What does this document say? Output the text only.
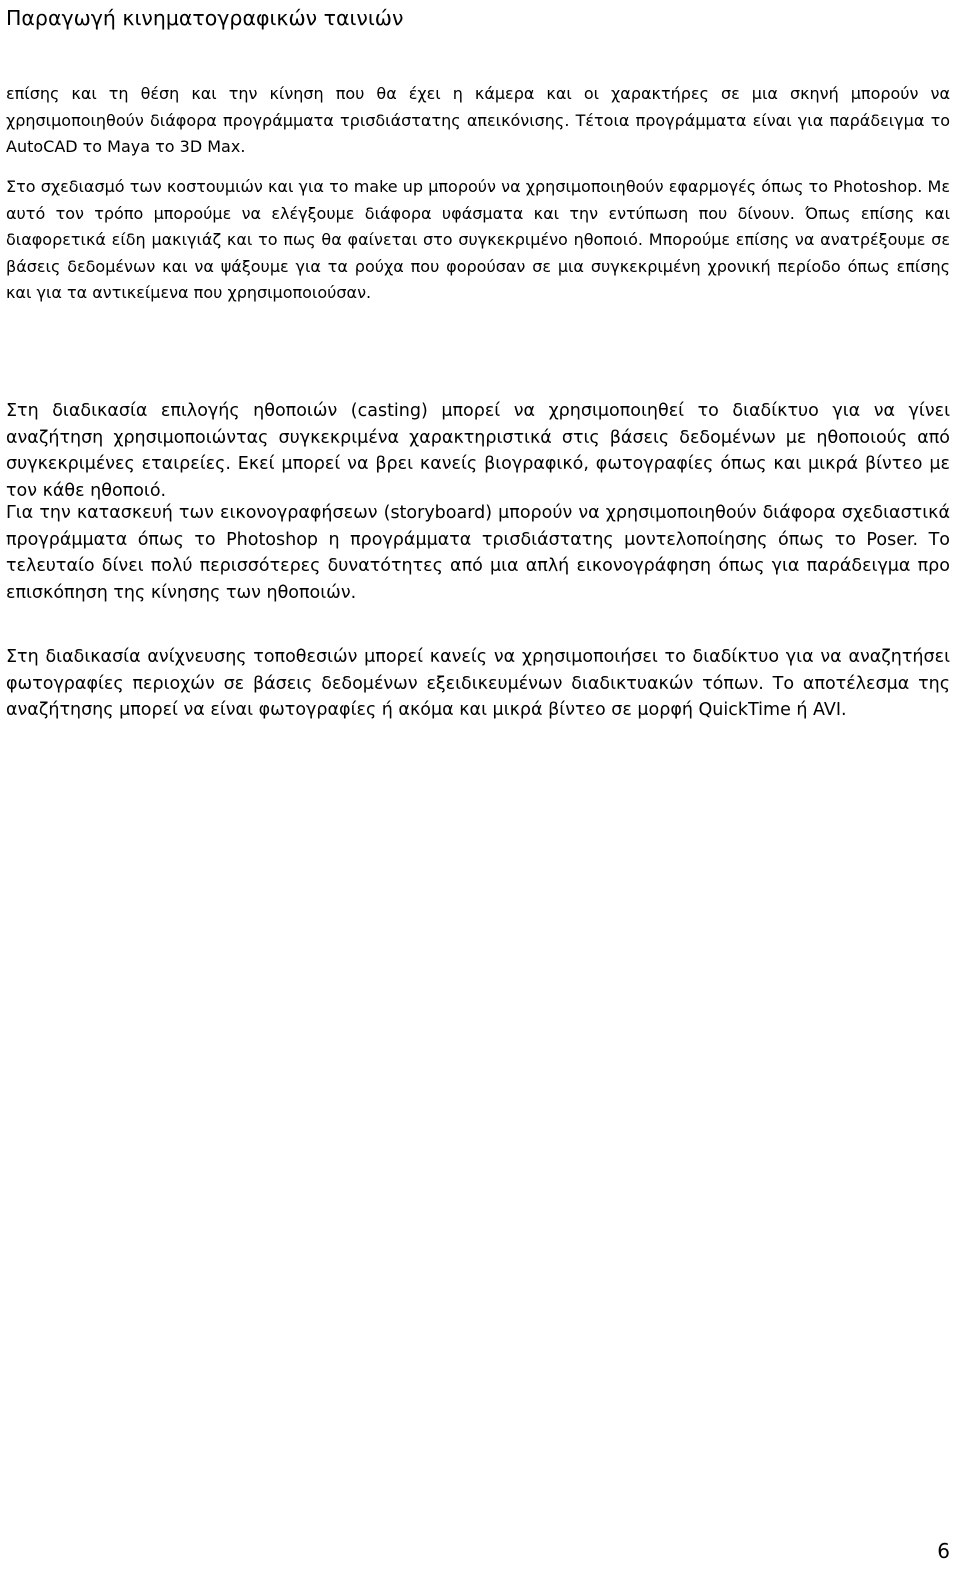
Παραγωγή κινηματογραφικών ταινιών

επίσης και τη θέση και την κίνηση που θα έχει η κάμερα και οι χαρακτήρες σε μια σκηνή μπορούν να χρησιμοποιηθούν διάφορα προγράμματα τρισδιάστατης απεικόνισης. Τέτοια προγράμματα είναι για παράδειγμα το AutoCAD το Maya το 3D Max.

Στο σχεδιασμό των κοστουμιών και για το make up μπορούν να χρησιμοποιηθούν εφαρμογές όπως το Photoshop. Με αυτό τον τρόπο μπορούμε να ελέγξουμε διάφορα υφάσματα και την εντύπωση που δίνουν. Όπως επίσης και διαφορετικά είδη μακιγιάζ και το πως θα φαίνεται στο συγκεκριμένο ηθοποιό. Μπορούμε επίσης να ανατρέξουμε σε βάσεις δεδομένων και να ψάξουμε για τα ρούχα που φορούσαν σε μια συγκεκριμένη χρονική περίοδο όπως επίσης και για τα αντικείμενα που χρησιμοποιούσαν.

Στη διαδικασία επιλογής ηθοποιών (casting) μπορεί να χρησιμοποιηθεί το διαδίκτυο για να γίνει αναζήτηση χρησιμοποιώντας συγκεκριμένα χαρακτηριστικά στις βάσεις δεδομένων με ηθοποιούς από συγκεκριμένες εταιρείες. Εκεί μπορεί να βρει κανείς βιογραφικό, φωτογραφίες όπως και μικρά βίντεο με τον κάθε ηθοποιό.

Για την κατασκευή των εικονογραφήσεων (storyboard) μπορούν να χρησιμοποιηθούν διάφορα σχεδιαστικά προγράμματα όπως το Photoshop η προγράμματα τρισδιάστατης μοντελοποίησης όπως το Poser. Το τελευταίο δίνει πολύ περισσότερες δυνατότητες από μια απλή εικονογράφηση όπως για παράδειγμα προ επισκόπηση της κίνησης των ηθοποιών.

Στη διαδικασία ανίχνευσης τοποθεσιών μπορεί κανείς να χρησιμοποιήσει το διαδίκτυο για να αναζητήσει φωτογραφίες περιοχών σε βάσεις δεδομένων εξειδικευμένων διαδικτυακών τόπων. Το αποτέλεσμα της αναζήτησης μπορεί να είναι φωτογραφίες ή ακόμα και μικρά βίντεο σε μορφή QuickTime ή AVI.

6
